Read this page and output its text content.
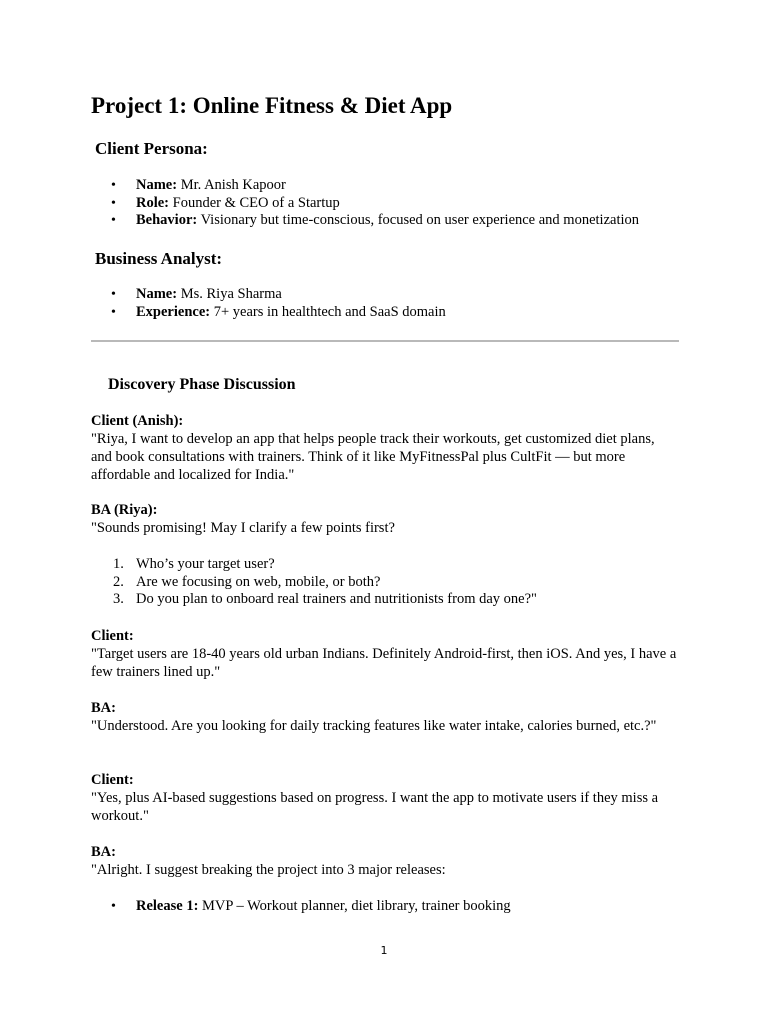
Project 1: Online Fitness & Diet App
Client Persona:
• Name: Mr. Anish Kapoor
• Role: Founder & CEO of a Startup
• Behavior: Visionary but time-conscious, focused on user experience and monetization
Business Analyst:
• Name: Ms. Riya Sharma
• Experience: 7+ years in healthtech and SaaS domain
Discovery Phase Discussion
Client (Anish):

"Riya, I want to develop an app that helps people track their workouts, get customized diet plans, and book consultations with trainers. Think of it like MyFitnessPal plus CultFit — but more affordable and localized for India."

BA (Riya):

"Sounds promising! May I clarify a few points first?

1. Who’s your target user?
2. Are we focusing on web, mobile, or both?
3. Do you plan to onboard real trainers and nutritionists from day one?"
Client:

"Target users are 18-40 years old urban Indians. Definitely Android-first, then iOS. And yes, I have a few trainers lined up."

BA:

"Understood. Are you looking for daily tracking features like water intake, calories burned, etc.?"

Client:

"Yes, plus AI-based suggestions based on progress. I want the app to motivate users if they miss a workout."

BA:

"Alright. I suggest breaking the project into 3 major releases:

• Release 1: MVP – Workout planner, diet library, trainer booking
1
